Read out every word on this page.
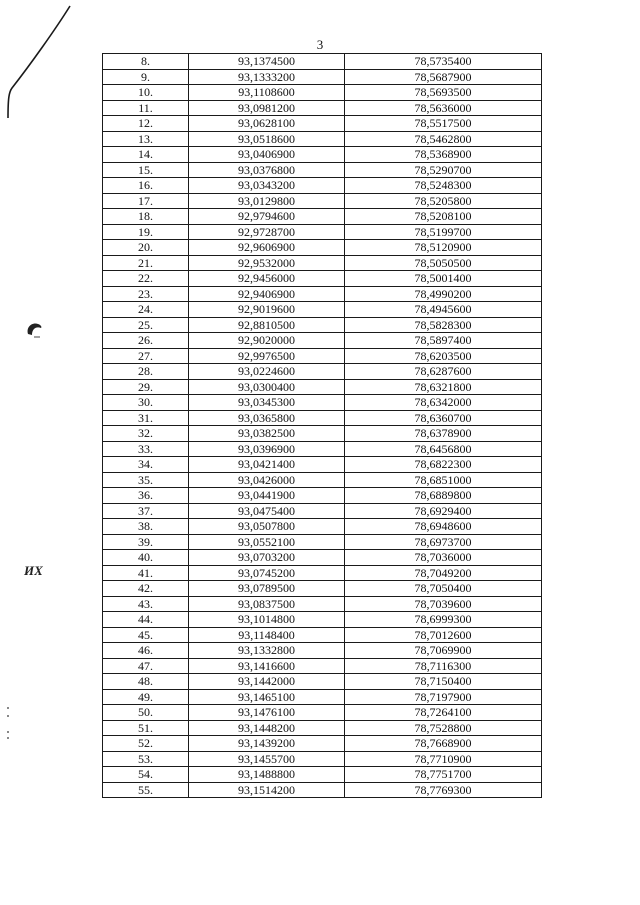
ИХ
3
8.	93,1374500	78,5735400
9.	93,1333200	78,5687900
10.	93,1108600	78,5693500
11.	93,0981200	78,5636000
12.	93,0628100	78,5517500
13.	93,0518600	78,5462800
14.	93,0406900	78,5368900
15.	93,0376800	78,5290700
16.	93,0343200	78,5248300
17.	93,0129800	78,5205800
18.	92,9794600	78,5208100
19.	92,9728700	78,5199700
20.	92,9606900	78,5120900
21.	92,9532000	78,5050500
22.	92,9456000	78,5001400
23.	92,9406900	78,4990200
24.	92,9019600	78,4945600
25.	92,8810500	78,5828300
26.	92,9020000	78,5897400
27.	92,9976500	78,6203500
28.	93,0224600	78,6287600
29.	93,0300400	78,6321800
30.	93,0345300	78,6342000
31.	93,0365800	78,6360700
32.	93,0382500	78,6378900
33.	93,0396900	78,6456800
34.	93,0421400	78,6822300
35.	93,0426000	78,6851000
36.	93,0441900	78,6889800
37.	93,0475400	78,6929400
38.	93,0507800	78,6948600
39.	93,0552100	78,6973700
40.	93,0703200	78,7036000
41.	93,0745200	78,7049200
42.	93,0789500	78,7050400
43.	93,0837500	78,7039600
44.	93,1014800	78,6999300
45.	93,1148400	78,7012600
46.	93,1332800	78,7069900
47.	93,1416600	78,7116300
48.	93,1442000	78,7150400
49.	93,1465100	78,7197900
50.	93,1476100	78,7264100
51.	93,1448200	78,7528800
52.	93,1439200	78,7668900
53.	93,1455700	78,7710900
54.	93,1488800	78,7751700
55.	93,1514200	78,7769300
